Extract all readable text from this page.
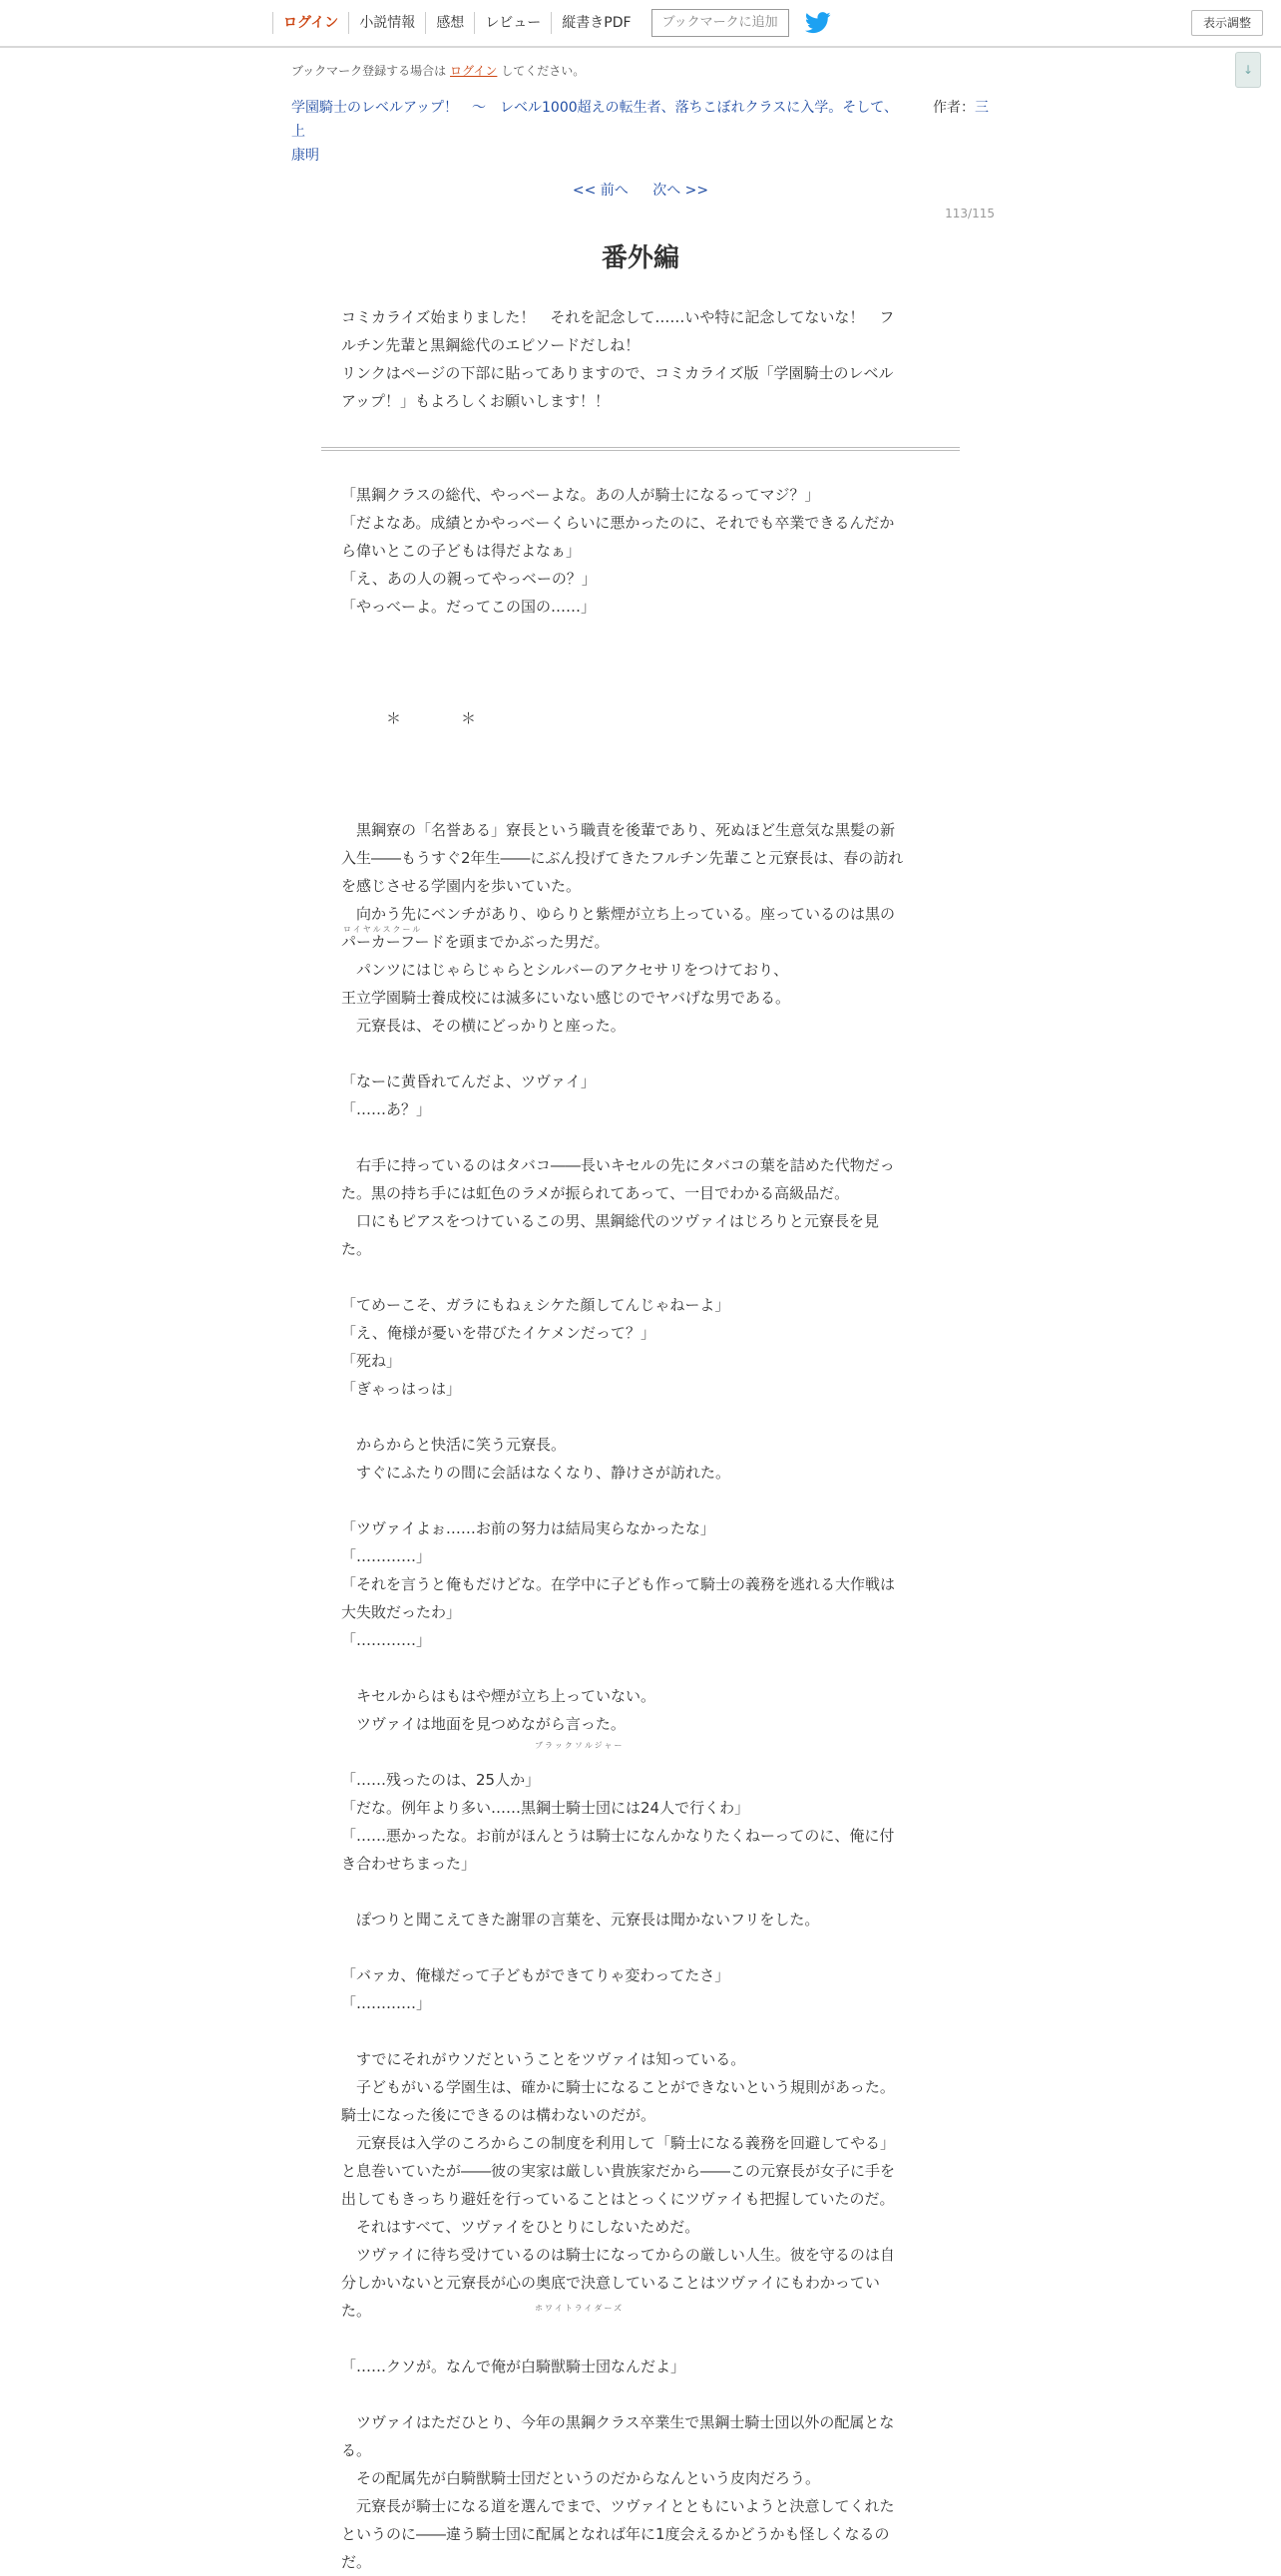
ログイン	小説情報	感想	レビュー	縦書きPDF	ブックマークに追加	表示調整
↓
ブックマーク登録する場合は ログイン してください。
学園騎士のレベルアップ！　〜　レベル1000超えの転生者、落ちこぼれクラスに入学。そして、　　　	作者：三上
康明
<< 前へ 次へ >>
113/115
番外編

コミカライズ始まりました！　それを記念して……いや特に記念してないな！　フ

ルチン先輩と黒鋼総代のエピソードだしね！

リンクはページの下部に貼ってありますので、コミカライズ版「学園騎士のレベル

アップ！」もよろしくお願いします！！

「黒鋼クラスの総代、やっベーよな。あの人が騎士になるってマジ？」

「だよなあ。成績とかやっべーくらいに悪かったのに、それでも卒業できるんだか

ら偉いとこの子どもは得だよなぁ」

「え、あの人の親ってやっベーの？」

「やっべーよ。だってこの国の……」

　　　＊　　　　＊

　黒鋼寮の「名誉ある」寮長という職責を後輩であり、死ぬほど生意気な黒髪の新

入生――もうすぐ2年生――にぶん投げてきたフルチン先輩こと元寮長は、春の訪れ

を感じさせる学園内を歩いていた。

　向かう先にベンチがあり、ゆらりと紫煙が立ち上っている。座っているのは黒の

パーカーフードを頭までかぶった男だ。

　パンツにはじゃらじゃらとシルバーのアクセサリをつけており、

王立学園騎士養成校には滅多にいない感じのでヤバげな男である。

　元寮長は、その横にどっかりと座った。

「なーに黄昏れてんだよ、ツヴァイ」

「……あ？」

　右手に持っているのはタバコ――長いキセルの先にタバコの葉を詰めた代物だっ

た。黒の持ち手には虹色のラメが振られてあって、一目でわかる高級品だ。

　口にもピアスをつけているこの男、黒鋼総代のツヴァイはじろりと元寮長を見

た。

「てめーこそ、ガラにもねぇシケた顔してんじゃねーよ」

「え、俺様が憂いを帯びたイケメンだって？」

「死ね」

「ぎゃっはっは」

　からからと快活に笑う元寮長。

　すぐにふたりの間に会話はなくなり、静けさが訪れた。

「ツヴァイよぉ……お前の努力は結局実らなかったな」

「…………」

「それを言うと俺もだけどな。在学中に子ども作って騎士の義務を逃れる大作戦は

大失敗だったわ」

「…………」

　キセルからはもはや煙が立ち上っていない。

　ツヴァイは地面を見つめながら言った。

「……残ったのは、25人か」

「だな。例年より多い……黒鋼士騎士団には24人で行くわ」

「……悪かったな。お前がほんとうは騎士になんかなりたくねーってのに、俺に付

き合わせちまった」

　ぽつりと聞こえてきた謝罪の言葉を、元寮長は聞かないフリをした。

「バァカ、俺様だって子どもができてりゃ変わってたさ」

「…………」

　すでにそれがウソだということをツヴァイは知っている。

　子どもがいる学園生は、確かに騎士になることができないという規則があった。

騎士になった後にできるのは構わないのだが。

　元寮長は入学のころからこの制度を利用して「騎士になる義務を回避してやる」

と息巻いていたが――彼の実家は厳しい貴族家だから――この元寮長が女子に手を

出してもきっちり避妊を行っていることはとっくにツヴァイも把握していたのだ。

　それはすべて、ツヴァイをひとりにしないためだ。

　ツヴァイに待ち受けているのは騎士になってからの厳しい人生。彼を守るのは自

分しかいないと元寮長が心の奥底で決意していることはツヴァイにもわかってい

た。

「……クソが。なんで俺が白騎獣騎士団なんだよ」

　ツヴァイはただひとり、今年の黒鋼クラス卒業生で黒鋼士騎士団以外の配属とな

る。

　その配属先が白騎獣騎士団だというのだからなんという皮肉だろう。

　元寮長が騎士になる道を選んでまで、ツヴァイとともにいようと決意してくれた

というのに――違う騎士団に配属となれば年に1度会えるかどうかも怪しくなるの

だ。

ロイヤルスクール
ブラックソルジャー
ホワイトライダーズ
